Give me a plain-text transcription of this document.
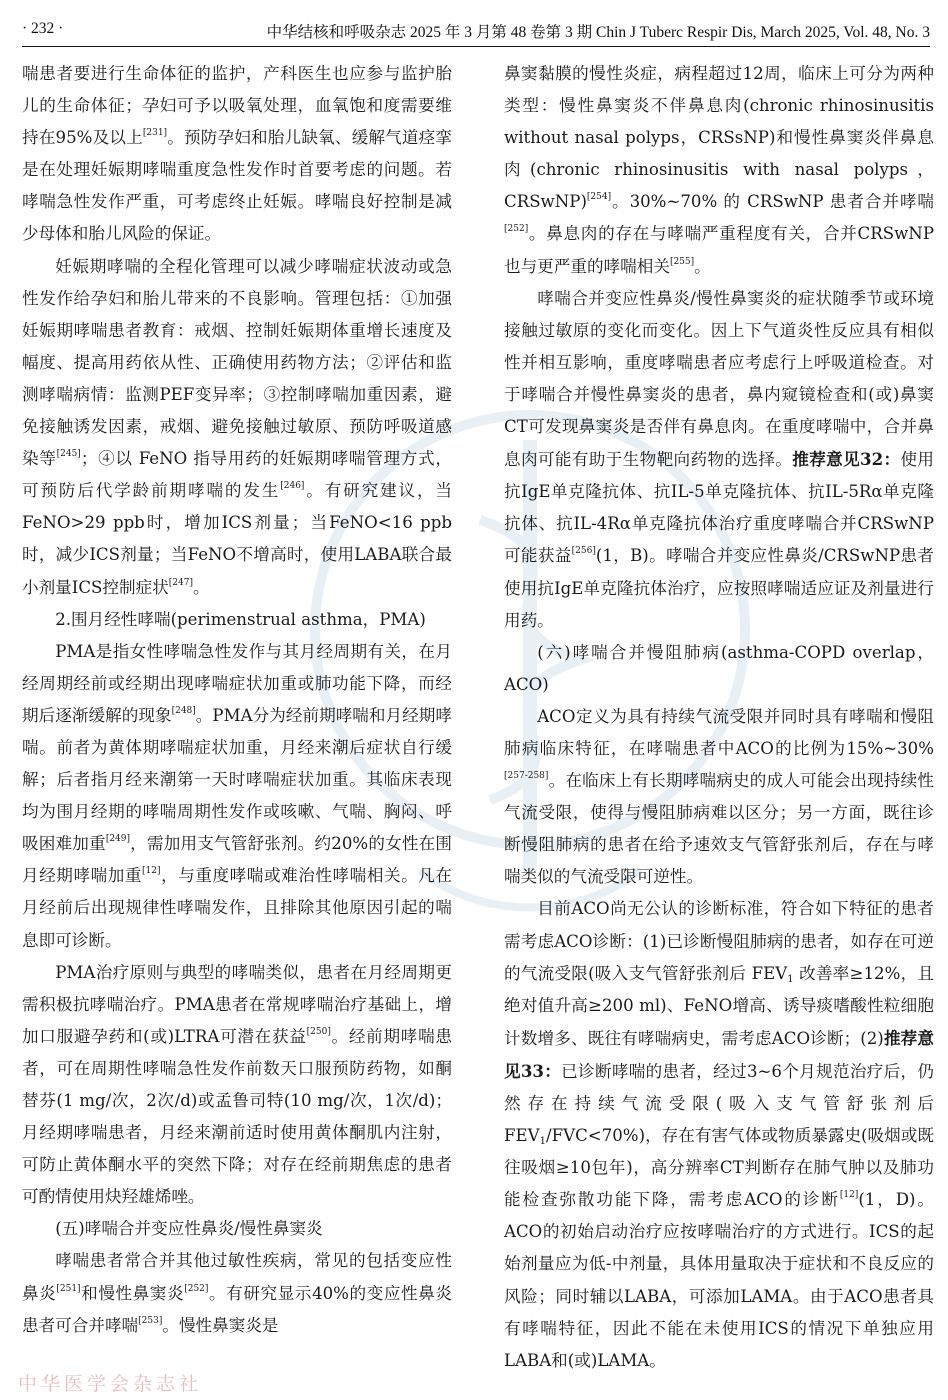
· 232 ·	中华结核和呼吸杂志 2025 年 3 月第 48 卷第 3 期 Chin J Tuberc Respir Dis, March 2025, Vol. 48, No. 3

喘患者要进行生命体征的监护，产科医生也应参与监护胎儿的生命体征；孕妇可予以吸氧处理，血氧饱和度需要维持在95%及以上[231]。预防孕妇和胎儿缺氧、缓解气道痉挛是在处理妊娠期哮喘重度急性发作时首要考虑的问题。若哮喘急性发作严重，可考虑终止妊娠。哮喘良好控制是减少母体和胎儿风险的保证。

妊娠期哮喘的全程化管理可以减少哮喘症状波动或急性发作给孕妇和胎儿带来的不良影响。管理包括：①加强妊娠期哮喘患者教育：戒烟、控制妊娠期体重增长速度及幅度、提高用药依从性、正确使用药物方法；②评估和监测哮喘病情：监测PEF变异率；③控制哮喘加重因素，避免接触诱发因素，戒烟、避免接触过敏原、预防呼吸道感染等[245]；④以 FeNO 指导用药的妊娠期哮喘管理方式，可预防后代学龄前期哮喘的发生[246]。有研究建议，当FeNO>29 ppb时，增加ICS剂量；当FeNO<16 ppb时，减少ICS剂量；当FeNO不增高时，使用LABA联合最小剂量ICS控制症状[247]。

2.围月经性哮喘(perimenstrual asthma，PMA)

PMA是指女性哮喘急性发作与其月经周期有关，在月经周期经前或经期出现哮喘症状加重或肺功能下降，而经期后逐渐缓解的现象[248]。PMA分为经前期哮喘和月经期哮喘。前者为黄体期哮喘症状加重，月经来潮后症状自行缓解；后者指月经来潮第一天时哮喘症状加重。其临床表现均为围月经期的哮喘周期性发作或咳嗽、气喘、胸闷、呼吸困难加重[249]，需加用支气管舒张剂。约20%的女性在围月经期哮喘加重[12]，与重度哮喘或难治性哮喘相关。凡在月经前后出现规律性哮喘发作，且排除其他原因引起的喘息即可诊断。

PMA治疗原则与典型的哮喘类似，患者在月经周期更需积极抗哮喘治疗。PMA患者在常规哮喘治疗基础上，增加口服避孕药和(或)LTRA可潜在获益[250]。经前期哮喘患者，可在周期性哮喘急性发作前数天口服预防药物，如酮替芬(1 mg/次，2次/d)或孟鲁司特(10 mg/次，1次/d)；月经期哮喘患者，月经来潮前适时使用黄体酮肌内注射，可防止黄体酮水平的突然下降；对存在经前期焦虑的患者可酌情使用炔羟雄烯唑。

(五)哮喘合并变应性鼻炎/慢性鼻窦炎

哮喘患者常合并其他过敏性疾病，常见的包括变应性鼻炎[251]和慢性鼻窦炎[252]。有研究显示40%的变应性鼻炎患者可合并哮喘[253]。慢性鼻窦炎是

鼻窦黏膜的慢性炎症，病程超过12周，临床上可分为两种类型：慢性鼻窦炎不伴鼻息肉(chronic rhinosinusitis without nasal polyps，CRSsNP)和慢性鼻窦炎伴鼻息肉(chronic rhinosinusitis with nasal polyps，CRSwNP)[254]。30%~70% 的 CRSwNP 患者合并哮喘[252]。鼻息肉的存在与哮喘严重程度有关，合并CRSwNP也与更严重的哮喘相关[255]。

哮喘合并变应性鼻炎/慢性鼻窦炎的症状随季节或环境接触过敏原的变化而变化。因上下气道炎性反应具有相似性并相互影响，重度哮喘患者应考虑行上呼吸道检查。对于哮喘合并慢性鼻窦炎的患者，鼻内窥镜检查和(或)鼻窦CT可发现鼻窦炎是否伴有鼻息肉。在重度哮喘中，合并鼻息肉可能有助于生物靶向药物的选择。推荐意见32：使用抗IgE单克隆抗体、抗IL-5单克隆抗体、抗IL-5Rα单克隆抗体、抗IL-4Rα单克隆抗体治疗重度哮喘合并CRSwNP可能获益[256](1，B)。哮喘合并变应性鼻炎/CRSwNP患者使用抗IgE单克隆抗体治疗，应按照哮喘适应证及剂量进行用药。

(六)哮喘合并慢阻肺病(asthma-COPD overlap，ACO)

ACO定义为具有持续气流受限并同时具有哮喘和慢阻肺病临床特征，在哮喘患者中ACO的比例为15%~30%[257-258]。在临床上有长期哮喘病史的成人可能会出现持续性气流受限，使得与慢阻肺病难以区分；另一方面，既往诊断慢阻肺病的患者在给予速效支气管舒张剂后，存在与哮喘类似的气流受限可逆性。

目前ACO尚无公认的诊断标准，符合如下特征的患者需考虑ACO诊断：(1)已诊断慢阻肺病的患者，如存在可逆的气流受限(吸入支气管舒张剂后 $FEV_1$ 改善率≥12%，且绝对值升高≥200 ml)、FeNO增高、诱导痰嗜酸性粒细胞计数增多、既往有哮喘病史，需考虑ACO诊断；(2)推荐意见33：已诊断哮喘的患者，经过3~6个月规范治疗后，仍然存在持续气流受限(吸入支气管舒张剂后$FEV_1/FVC<70\%$)，存在有害气体或物质暴露史(吸烟或既往吸烟≥10包年)，高分辨率CT判断存在肺气肿以及肺功能检查弥散功能下降，需考虑ACO的诊断[12](1，D)。ACO的初始启动治疗应按哮喘治疗的方式进行。ICS的起始剂量应为低-中剂量，具体用量取决于症状和不良反应的风险；同时辅以LABA，可添加LAMA。由于ACO患者具有哮喘特征，因此不能在未使用ICS的情况下单独应用LABA和(或)LAMA。

中华医学会杂志社
